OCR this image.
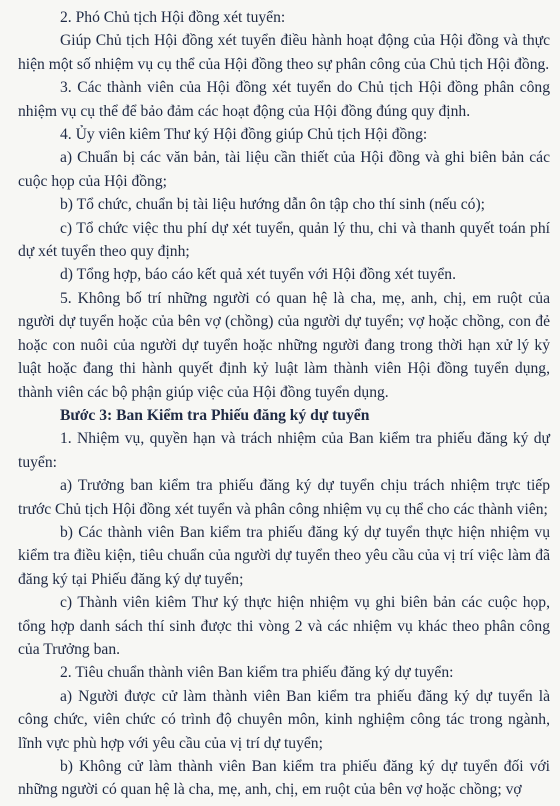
2. Phó Chủ tịch Hội đồng xét tuyển:

Giúp Chủ tịch Hội đồng xét tuyển điều hành hoạt động của Hội đồng và thực hiện một số nhiệm vụ cụ thể của Hội đồng theo sự phân công của Chủ tịch Hội đồng.

3. Các thành viên của Hội đồng xét tuyển do Chủ tịch Hội đồng phân công nhiệm vụ cụ thể để bảo đảm các hoạt động của Hội đồng đúng quy định.

4. Ủy viên kiêm Thư ký Hội đồng giúp Chủ tịch Hội đồng:

a) Chuẩn bị các văn bản, tài liệu cần thiết của Hội đồng và ghi biên bản các cuộc họp của Hội đồng;

b) Tổ chức, chuẩn bị tài liệu hướng dẫn ôn tập cho thí sinh (nếu có);

c) Tổ chức việc thu phí dự xét tuyển, quản lý thu, chi và thanh quyết toán phí dự xét tuyển theo quy định;

d) Tổng hợp, báo cáo kết quả xét tuyển với Hội đồng xét tuyển.

5. Không bố trí những người có quan hệ là cha, mẹ, anh, chị, em ruột của người dự tuyển hoặc của bên vợ (chồng) của người dự tuyển; vợ hoặc chồng, con đẻ hoặc con nuôi của người dự tuyển hoặc những người đang trong thời hạn xử lý kỷ luật hoặc đang thi hành quyết định kỷ luật làm thành viên Hội đồng tuyển dụng, thành viên các bộ phận giúp việc của Hội đồng tuyển dụng.

Bước 3: Ban Kiểm tra Phiếu đăng ký dự tuyển

1. Nhiệm vụ, quyền hạn và trách nhiệm của Ban kiểm tra phiếu đăng ký dự tuyển:

a) Trưởng ban kiểm tra phiếu đăng ký dự tuyển chịu trách nhiệm trực tiếp trước Chủ tịch Hội đồng xét tuyển và phân công nhiệm vụ cụ thể cho các thành viên;

b) Các thành viên Ban kiểm tra phiếu đăng ký dự tuyển thực hiện nhiệm vụ kiểm tra điều kiện, tiêu chuẩn của người dự tuyển theo yêu cầu của vị trí việc làm đã đăng ký tại Phiếu đăng ký dự tuyển;

c) Thành viên kiêm Thư ký thực hiện nhiệm vụ ghi biên bản các cuộc họp, tổng hợp danh sách thí sinh được thi vòng 2 và các nhiệm vụ khác theo phân công của Trưởng ban.

2. Tiêu chuẩn thành viên Ban kiểm tra phiếu đăng ký dự tuyển:

a) Người được cử làm thành viên Ban kiểm tra phiếu đăng ký dự tuyển là công chức, viên chức có trình độ chuyên môn, kinh nghiệm công tác trong ngành, lĩnh vực phù hợp với yêu cầu của vị trí dự tuyển;

b) Không cử làm thành viên Ban kiểm tra phiếu đăng ký dự tuyển đối với những người có quan hệ là cha, mẹ, anh, chị, em ruột của bên vợ hoặc chồng; vợ
